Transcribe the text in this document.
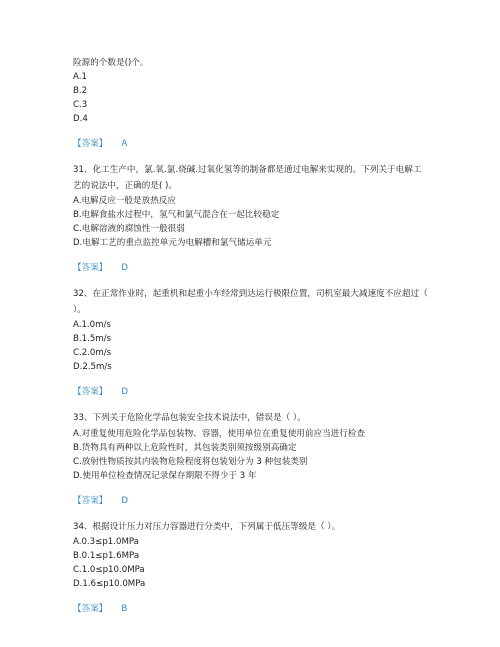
险源的个数是()个。

A.1

B.2

C.3

D.4

【答案】 A

31、化工生产中，氯.氧.氯.烧碱.过氧化氢等的制备都是通过电解来实现的。下列关于电解工艺的说法中，正确的是( )。

A.电解反应一般是放热反应

B.电解食盐水过程中，氢气和氯气混合在一起比较稳定

C.电解溶液的腐蚀性一般很弱

D.电解工艺的重点监控单元为电解槽和氯气储运单元

【答案】 D

32、在正常作业时，起重机和起重小车经常到达运行极限位置，司机室最大减速度不应超过（ ）。

A.1.0m/s

B.1.5m/s

C.2.0m/s

D.2.5m/s

【答案】 D

33、下列关于危险化学品包装安全技术说法中，错误是（ ）。

A.对重复使用危险化学品包装物、容器，使用单位在重复使用前应当进行检查

B.货物具有两种以上危险性时，其包装类别须按级别高确定

C.放射性物质按其内装物危险程度将包装划分为 3 种包装类别

D.使用单位检查情况记录保存期限不得少于 3 年

【答案】 D

34、根据设计压力对压力容器进行分类中，下列属于低压等级是（ ）。

A.0.3≤p1.0MPa

B.0.1≤p1.6MPa

C.1.0≤p10.0MPa

D.1.6≤p10.0MPa

【答案】 B
